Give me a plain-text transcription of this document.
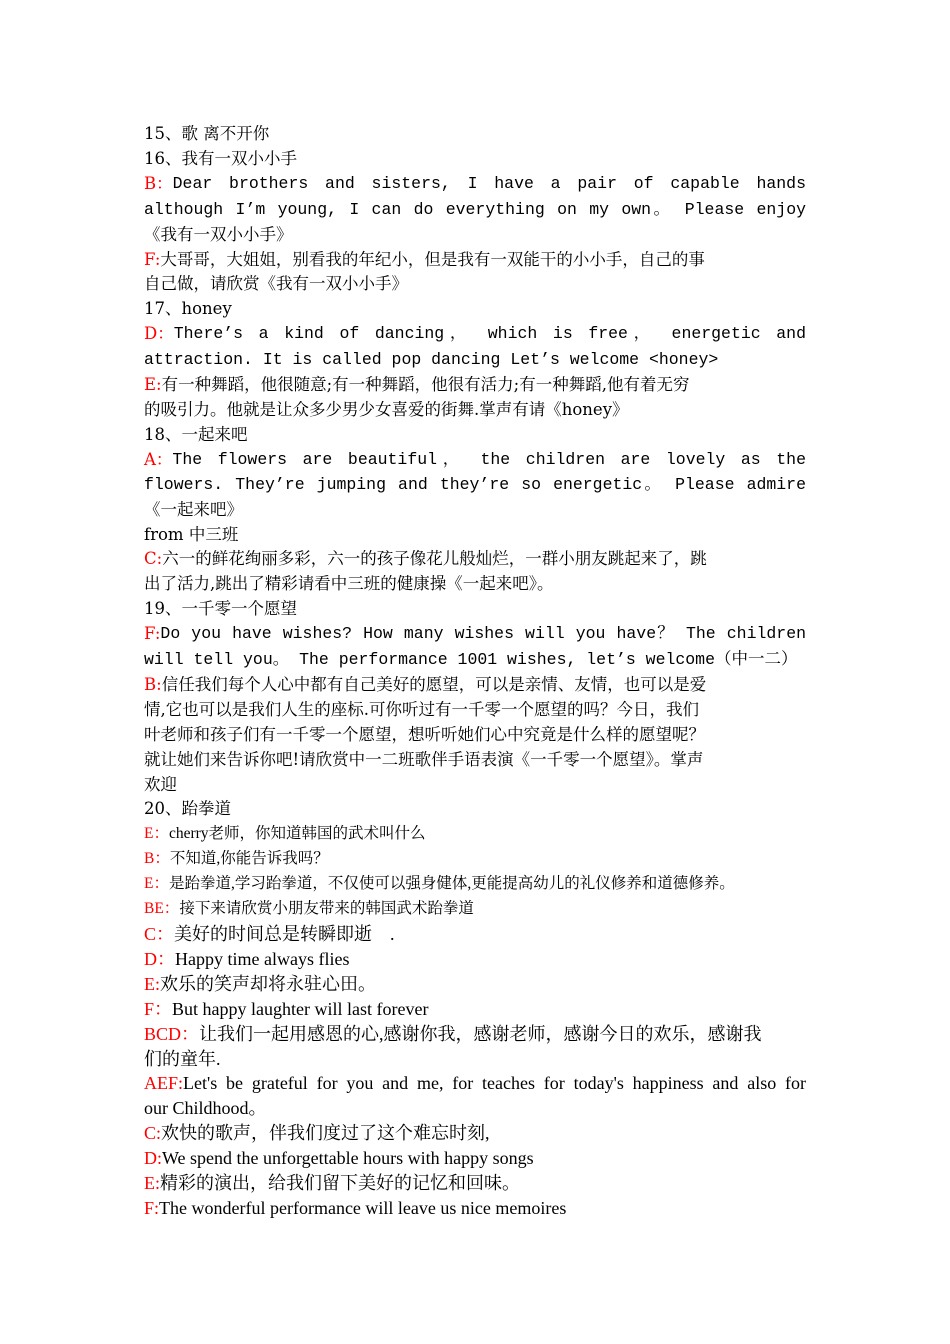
15、歌 离不开你
16、我有一双小小手
B： Dear brothers and sisters, I have a pair of capable hands
although I’m young, I can do everything on my own。 Please enjoy
《我有一双小小手》
F:大哥哥，大姐姐，别看我的年纪小，但是我有一双能干的小小手，自己的事
自己做，请欣赏《我有一双小小手》
17、honey
D： There’s a kind of dancing， which is free， energetic and
attraction. It is called pop dancing Let’s welcome <honey>
E:有一种舞蹈，他很随意;有一种舞蹈，他很有活力;有一种舞蹈,他有着无穷
的吸引力。他就是让众多少男少女喜爱的街舞.掌声有请《honey》
18、一起来吧
A： The flowers are beautiful， the children are lovely as the
flowers. They’re jumping and they’re so energetic。 Please admire
《一起来吧》
from 中三班
C:六一的鲜花绚丽多彩，六一的孩子像花儿般灿烂，一群小朋友跳起来了，跳
出了活力,跳出了精彩请看中三班的健康操《一起来吧》。
19、一千零一个愿望
F: Do you have wishes? How many wishes will you have？ The children
will tell you。 The performance 1001 wishes, let’s welcome（中一二）
B:信任我们每个人心中都有自己美好的愿望，可以是亲情、友情，也可以是爱
情,它也可以是我们人生的座标.可你听过有一千零一个愿望的吗？今日，我们
叶老师和孩子们有一千零一个愿望，想听听她们心中究竟是什么样的愿望呢？
就让她们来告诉你吧!请欣赏中一二班歌伴手语表演《一千零一个愿望》。掌声
欢迎
20、跆拳道
E：cherry老师，你知道韩国的武术叫什么
B：不知道,你能告诉我吗？
E：是跆拳道,学习跆拳道，不仅使可以强身健体,更能提高幼儿的礼仪修养和道德修养。
BE：接下来请欣赏小朋友带来的韩国武术跆拳道
C：美好的时间总是转瞬即逝　.
D：Happy time always flies
E:欢乐的笑声却将永驻心田。
F：But happy laughter will last forever
BCD：让我们一起用感恩的心,感谢你我，感谢老师，感谢今日的欢乐，感谢我
们的童年.
AEF: Let's be grateful for you and me, for teaches for today's happiness and also for
our Childhood。
C:欢快的歌声，伴我们度过了这个难忘时刻,
D:We spend the unforgettable hours with happy songs
E:精彩的演出，给我们留下美好的记忆和回味。
F:The wonderful performance will leave us nice memoires
